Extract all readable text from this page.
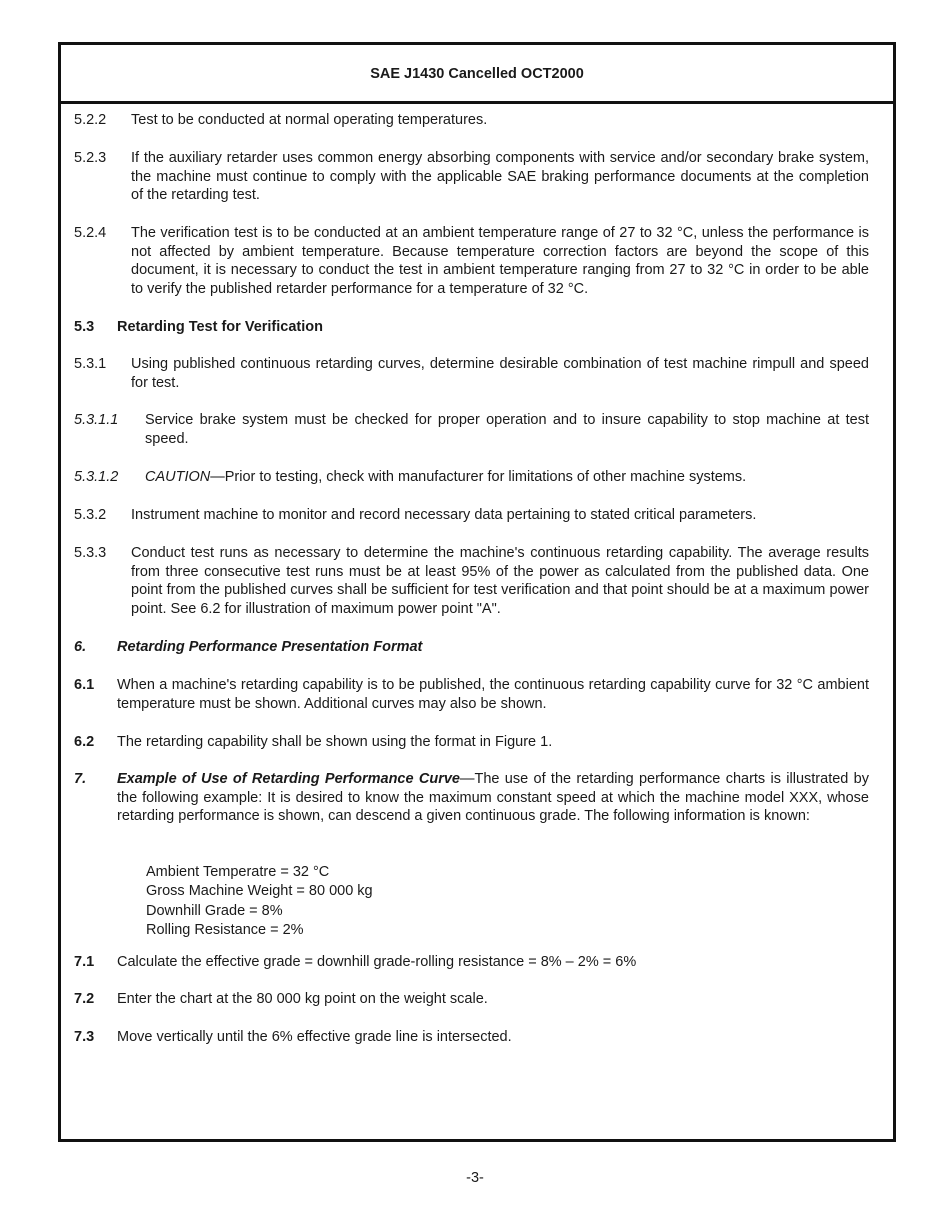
SAE J1430 Cancelled OCT2000
5.2.2 Test to be conducted at normal operating temperatures.
5.2.3 If the auxiliary retarder uses common energy absorbing components with service and/or secondary brake system, the machine must continue to comply with the applicable SAE braking performance documents at the completion of the retarding test.
5.2.4 The verification test is to be conducted at an ambient temperature range of 27 to 32 °C, unless the performance is not affected by ambient temperature. Because temperature correction factors are beyond the scope of this document, it is necessary to conduct the test in ambient temperature ranging from 27 to 32 °C in order to be able to verify the published retarder performance for a temperature of 32 °C.
5.3 Retarding Test for Verification
5.3.1 Using published continuous retarding curves, determine desirable combination of test machine rimpull and speed for test.
5.3.1.1 Service brake system must be checked for proper operation and to insure capability to stop machine at test speed.
5.3.1.2 CAUTION—Prior to testing, check with manufacturer for limitations of other machine systems.
5.3.2 Instrument machine to monitor and record necessary data pertaining to stated critical parameters.
5.3.3 Conduct test runs as necessary to determine the machine's continuous retarding capability. The average results from three consecutive test runs must be at least 95% of the power as calculated from the published data. One point from the published curves shall be sufficient for test verification and that point should be at a maximum power point. See 6.2 for illustration of maximum power point "A".
6. Retarding Performance Presentation Format
6.1 When a machine's retarding capability is to be published, the continuous retarding capability curve for 32 °C ambient temperature must be shown. Additional curves may also be shown.
6.2 The retarding capability shall be shown using the format in Figure 1.
7. Example of Use of Retarding Performance Curve—The use of the retarding performance charts is illustrated by the following example: It is desired to know the maximum constant speed at which the machine model XXX, whose retarding performance is shown, can descend a given continuous grade. The following information is known:
Ambient Temperatre = 32 °C
Gross Machine Weight = 80 000 kg
Downhill Grade = 8%
Rolling Resistance = 2%
7.1 Calculate the effective grade = downhill grade-rolling resistance = 8% – 2% = 6%
7.2 Enter the chart at the 80 000 kg point on the weight scale.
7.3 Move vertically until the 6% effective grade line is intersected.
-3-
